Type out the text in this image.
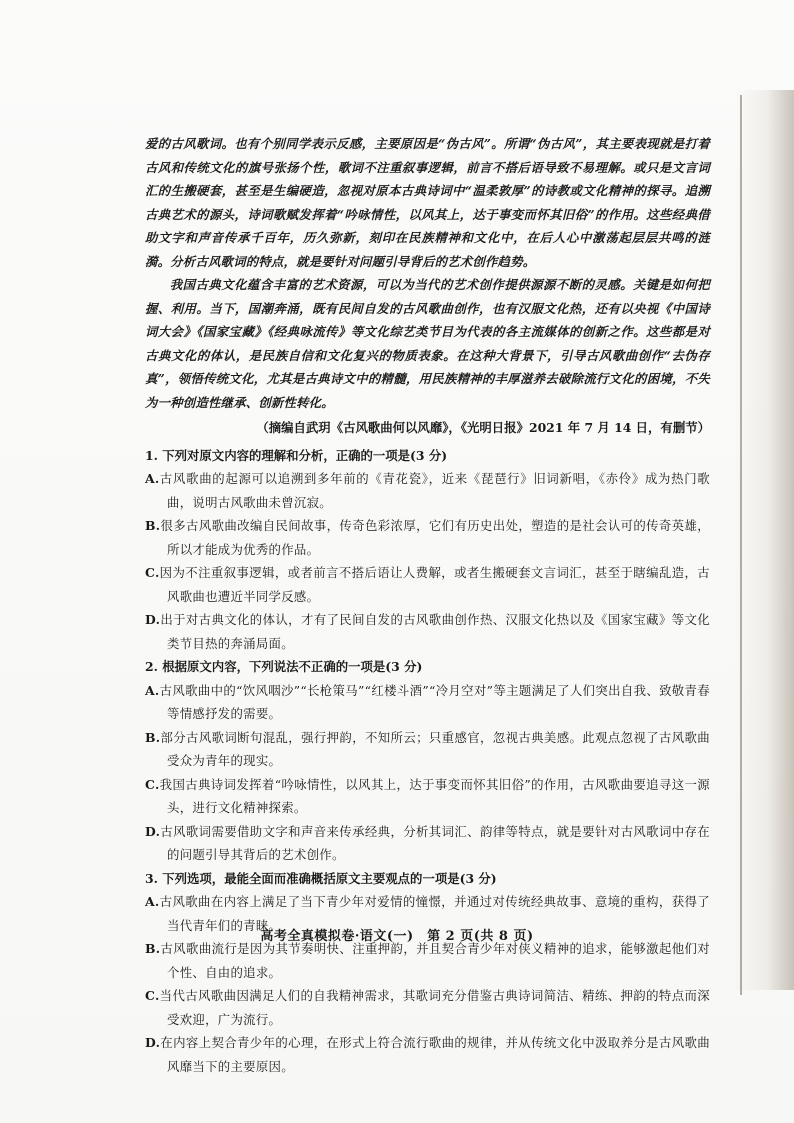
爱的古风歌词。也有个别同学表示反感，主要原因是“伪古风”。所谓“伪古风”，其主要表现就是打着古风和传统文化的旗号张扬个性，歌词不注重叙事逻辑，前言不搭后语导致不易理解。或只是文言词汇的生搬硬套，甚至是生编硬造，忽视对原本古典诗词中“温柔敦厚”的诗教或文化精神的探寻。追溯古典艺术的源头，诗词歌赋发挥着“吟咏情性，以风其上，达于事变而怀其旧俗”的作用。这些经典借助文字和声音传承千百年，历久弥新，刻印在民族精神和文化中，在后人心中激荡起层层共鸣的涟漪。分析古风歌词的特点，就是要针对问题引导背后的艺术创作趋势。

我国古典文化蕴含丰富的艺术资源，可以为当代的艺术创作提供源源不断的灵感。关键是如何把握、利用。当下，国潮奔涌，既有民间自发的古风歌曲创作，也有汉服文化热，还有以央视《中国诗词大会》《国家宝藏》《经典咏流传》等文化综艺类节目为代表的各主流媒体的创新之作。这些都是对古典文化的体认，是民族自信和文化复兴的物质表象。在这种大背景下，引导古风歌曲创作“去伪存真”，领悟传统文化，尤其是古典诗文中的精髓，用民族精神的丰厚滋养去破除流行文化的困境，不失为一种创造性继承、创新性转化。

（摘编自武玥《古风歌曲何以风靡》，《光明日报》2021 年 7 月 14 日，有删节）
1. 下列对原文内容的理解和分析，正确的一项是(3 分)
A.古风歌曲的起源可以追溯到多年前的《青花瓷》，近来《琵琶行》旧词新唱，《赤伶》成为热门歌曲，说明古风歌曲未曾沉寂。
B.很多古风歌曲改编自民间故事，传奇色彩浓厚，它们有历史出处，塑造的是社会认可的传奇英雄，所以才能成为优秀的作品。
C.因为不注重叙事逻辑，或者前言不搭后语让人费解，或者生搬硬套文言词汇，甚至于瞎编乱造，古风歌曲也遭近半同学反感。
D.出于对古典文化的体认，才有了民间自发的古风歌曲创作热、汉服文化热以及《国家宝藏》等文化类节目热的奔涌局面。
2. 根据原文内容，下列说法不正确的一项是(3 分)
A.古风歌曲中的“饮风咽沙”“长枪策马”“红楼斗酒”“冷月空对”等主题满足了人们突出自我、致敬青春等情感抒发的需要。
B.部分古风歌词断句混乱，强行押韵，不知所云；只重感官，忽视古典美感。此观点忽视了古风歌曲受众为青年的现实。
C.我国古典诗词发挥着“吟咏情性，以风其上，达于事变而怀其旧俗”的作用，古风歌曲要追寻这一源头，进行文化精神探索。
D.古风歌词需要借助文字和声音来传承经典，分析其词汇、韵律等特点，就是要针对古风歌词中存在的问题引导其背后的艺术创作。
3. 下列选项，最能全面而准确概括原文主要观点的一项是(3 分)
A.古风歌曲在内容上满足了当下青少年对爱情的憧憬，并通过对传统经典故事、意境的重构，获得了当代青年们的青睐。
B.古风歌曲流行是因为其节奏明快、注重押韵，并且契合青少年对侠义精神的追求，能够激起他们对个性、自由的追求。
C.当代古风歌曲因满足人们的自我精神需求，其歌词充分借鉴古典诗词简洁、精练、押韵的特点而深受欢迎，广为流行。
D.在内容上契合青少年的心理，在形式上符合流行歌曲的规律，并从传统文化中汲取养分是古风歌曲风靡当下的主要原因。
高考全真模拟卷·语文(一)　第 2 页(共 8 页)
